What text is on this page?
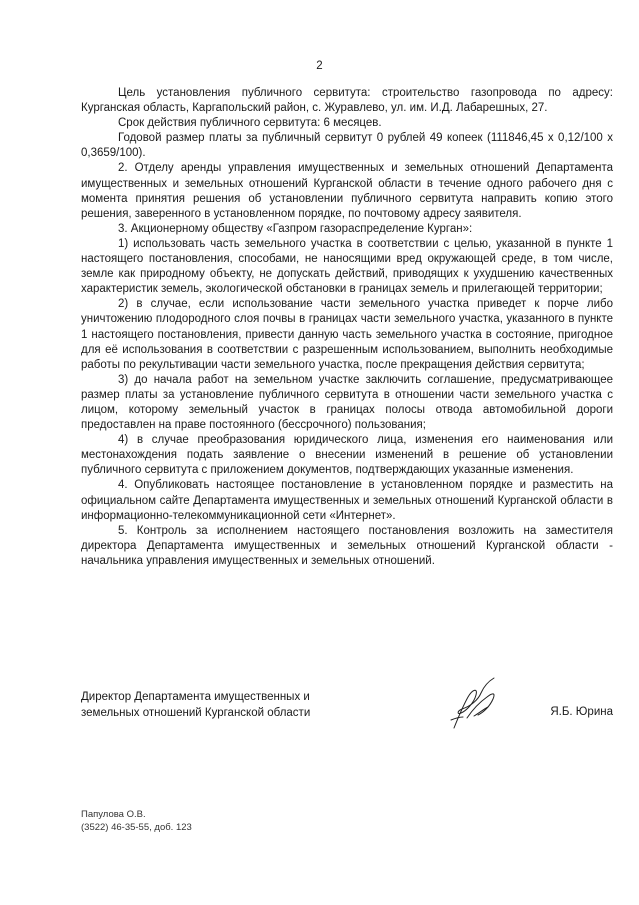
2

Цель установления публичного сервитута: строительство газопровода по адресу: Курганская область, Каргапольский район, с. Журавлево, ул. им. И.Д. Лабарешных, 27.

Срок действия публичного сервитута: 6 месяцев.

Годовой размер платы за публичный сервитут 0 рублей 49 копеек (111846,45 х 0,12/100 х 0,3659/100).

2. Отделу аренды управления имущественных и земельных отношений Департамента имущественных и земельных отношений Курганской области в течение одного рабочего дня с момента принятия решения об установлении публичного сервитута направить копию этого решения, заверенного в установленном порядке, по почтовому адресу заявителя.

3. Акционерному обществу «Газпром газораспределение Курган»:

1) использовать часть земельного участка в соответствии с целью, указанной в пункте 1 настоящего постановления, способами, не наносящими вред окружающей среде, в том числе, земле как природному объекту, не допускать действий, приводящих к ухудшению качественных характеристик земель, экологической обстановки в границах земель и прилегающей территории;

2) в случае, если использование части земельного участка приведет к порче либо уничтожению плодородного слоя почвы в границах части земельного участка, указанного в пункте 1 настоящего постановления, привести данную часть земельного участка в состояние, пригодное для её использования в соответствии с разрешенным использованием, выполнить необходимые работы по рекультивации части земельного участка, после прекращения действия сервитута;

3) до начала работ на земельном участке заключить соглашение, предусматривающее размер платы за установление публичного сервитута в отношении части земельного участка с лицом, которому земельный участок в границах полосы отвода автомобильной дороги предоставлен на праве постоянного (бессрочного) пользования;

4) в случае преобразования юридического лица, изменения его наименования или местонахождения подать заявление о внесении изменений в решение об установлении публичного сервитута с приложением документов, подтверждающих указанные изменения.

4. Опубликовать настоящее постановление в установленном порядке и разместить на официальном сайте Департамента имущественных и земельных отношений Курганской области в информационно-телекоммуникационной сети «Интернет».

5. Контроль за исполнением настоящего постановления возложить на заместителя директора Департамента имущественных и земельных отношений Курганской области - начальника управления имущественных и земельных отношений.

Директор Департамента имущественных и
земельных отношений Курганской области	Я.Б. Юрина
Папулова О.В.
(3522) 46-35-55, доб. 123
